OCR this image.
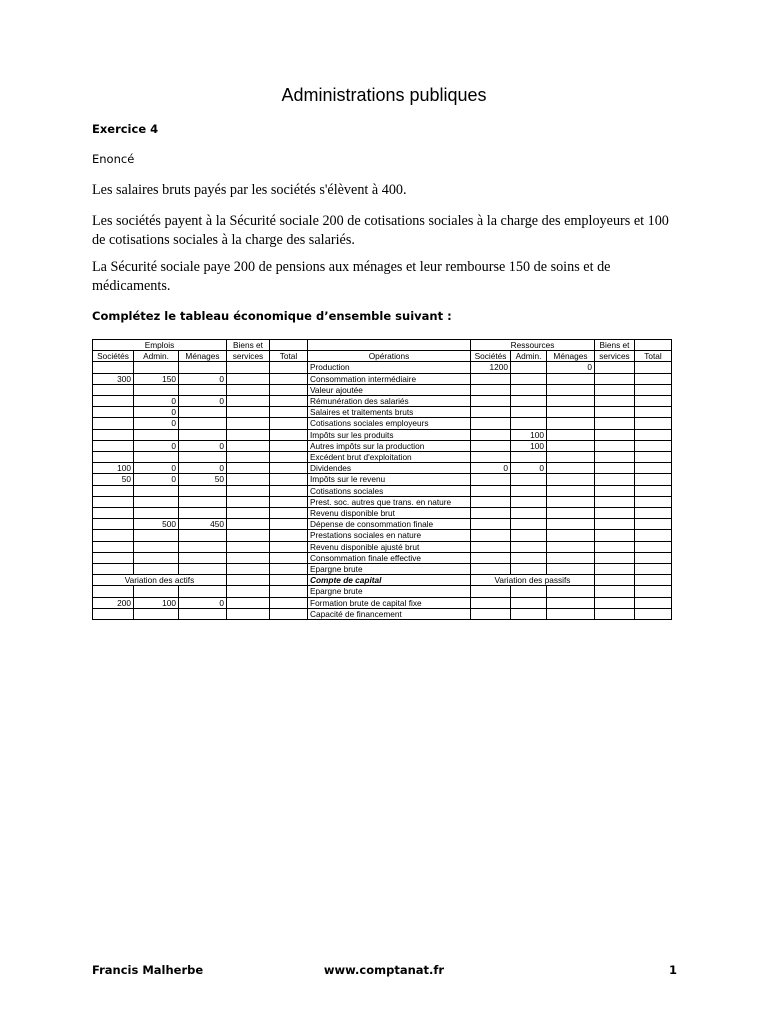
Administrations publiques
Exercice 4
Enoncé
Les salaires bruts payés par les sociétés s'élèvent à 400.
Les sociétés payent à la Sécurité sociale 200 de cotisations sociales à la charge des employeurs et 100 de cotisations sociales à la charge des salariés.
La Sécurité sociale paye 200 de pensions aux ménages et leur rembourse 150 de soins et de médicaments.
Complétez le tableau économique d’ensemble suivant :
Emplois			Biens et			Ressources			Biens et	
Sociétés	Admin.	Ménages	services	Total	Opérations	Sociétés	Admin.	Ménages	services	Total
					Production	1200		0		
300	150	0			Consommation intermédiaire					
					Valeur ajoutée					
	0	0			Rémunération des salariés					
	0				Salaires et traitements bruts					
	0				Cotisations sociales employeurs					
					Impôts sur les produits		100			
	0	0			Autres impôts sur la production		100			
					Excédent brut d'exploitation					
100	0	0			Dividendes	0	0			
50	0	50			Impôts sur le revenu					
					Cotisations sociales					
					Prest. soc. autres que trans. en nature					
					Revenu disponible brut					
	500	450			Dépense de consommation finale					
					Prestations sociales en nature					
					Revenu disponible ajusté brut					
					Consommation finale effective					
					Epargne brute					
Variation des actifs					Compte de capital	Variation des passifs				
					Epargne brute					
200	100	0			Formation brute de capital fixe					
					Capacité de financement					
Francis Malherbe	www.comptanat.fr	1
